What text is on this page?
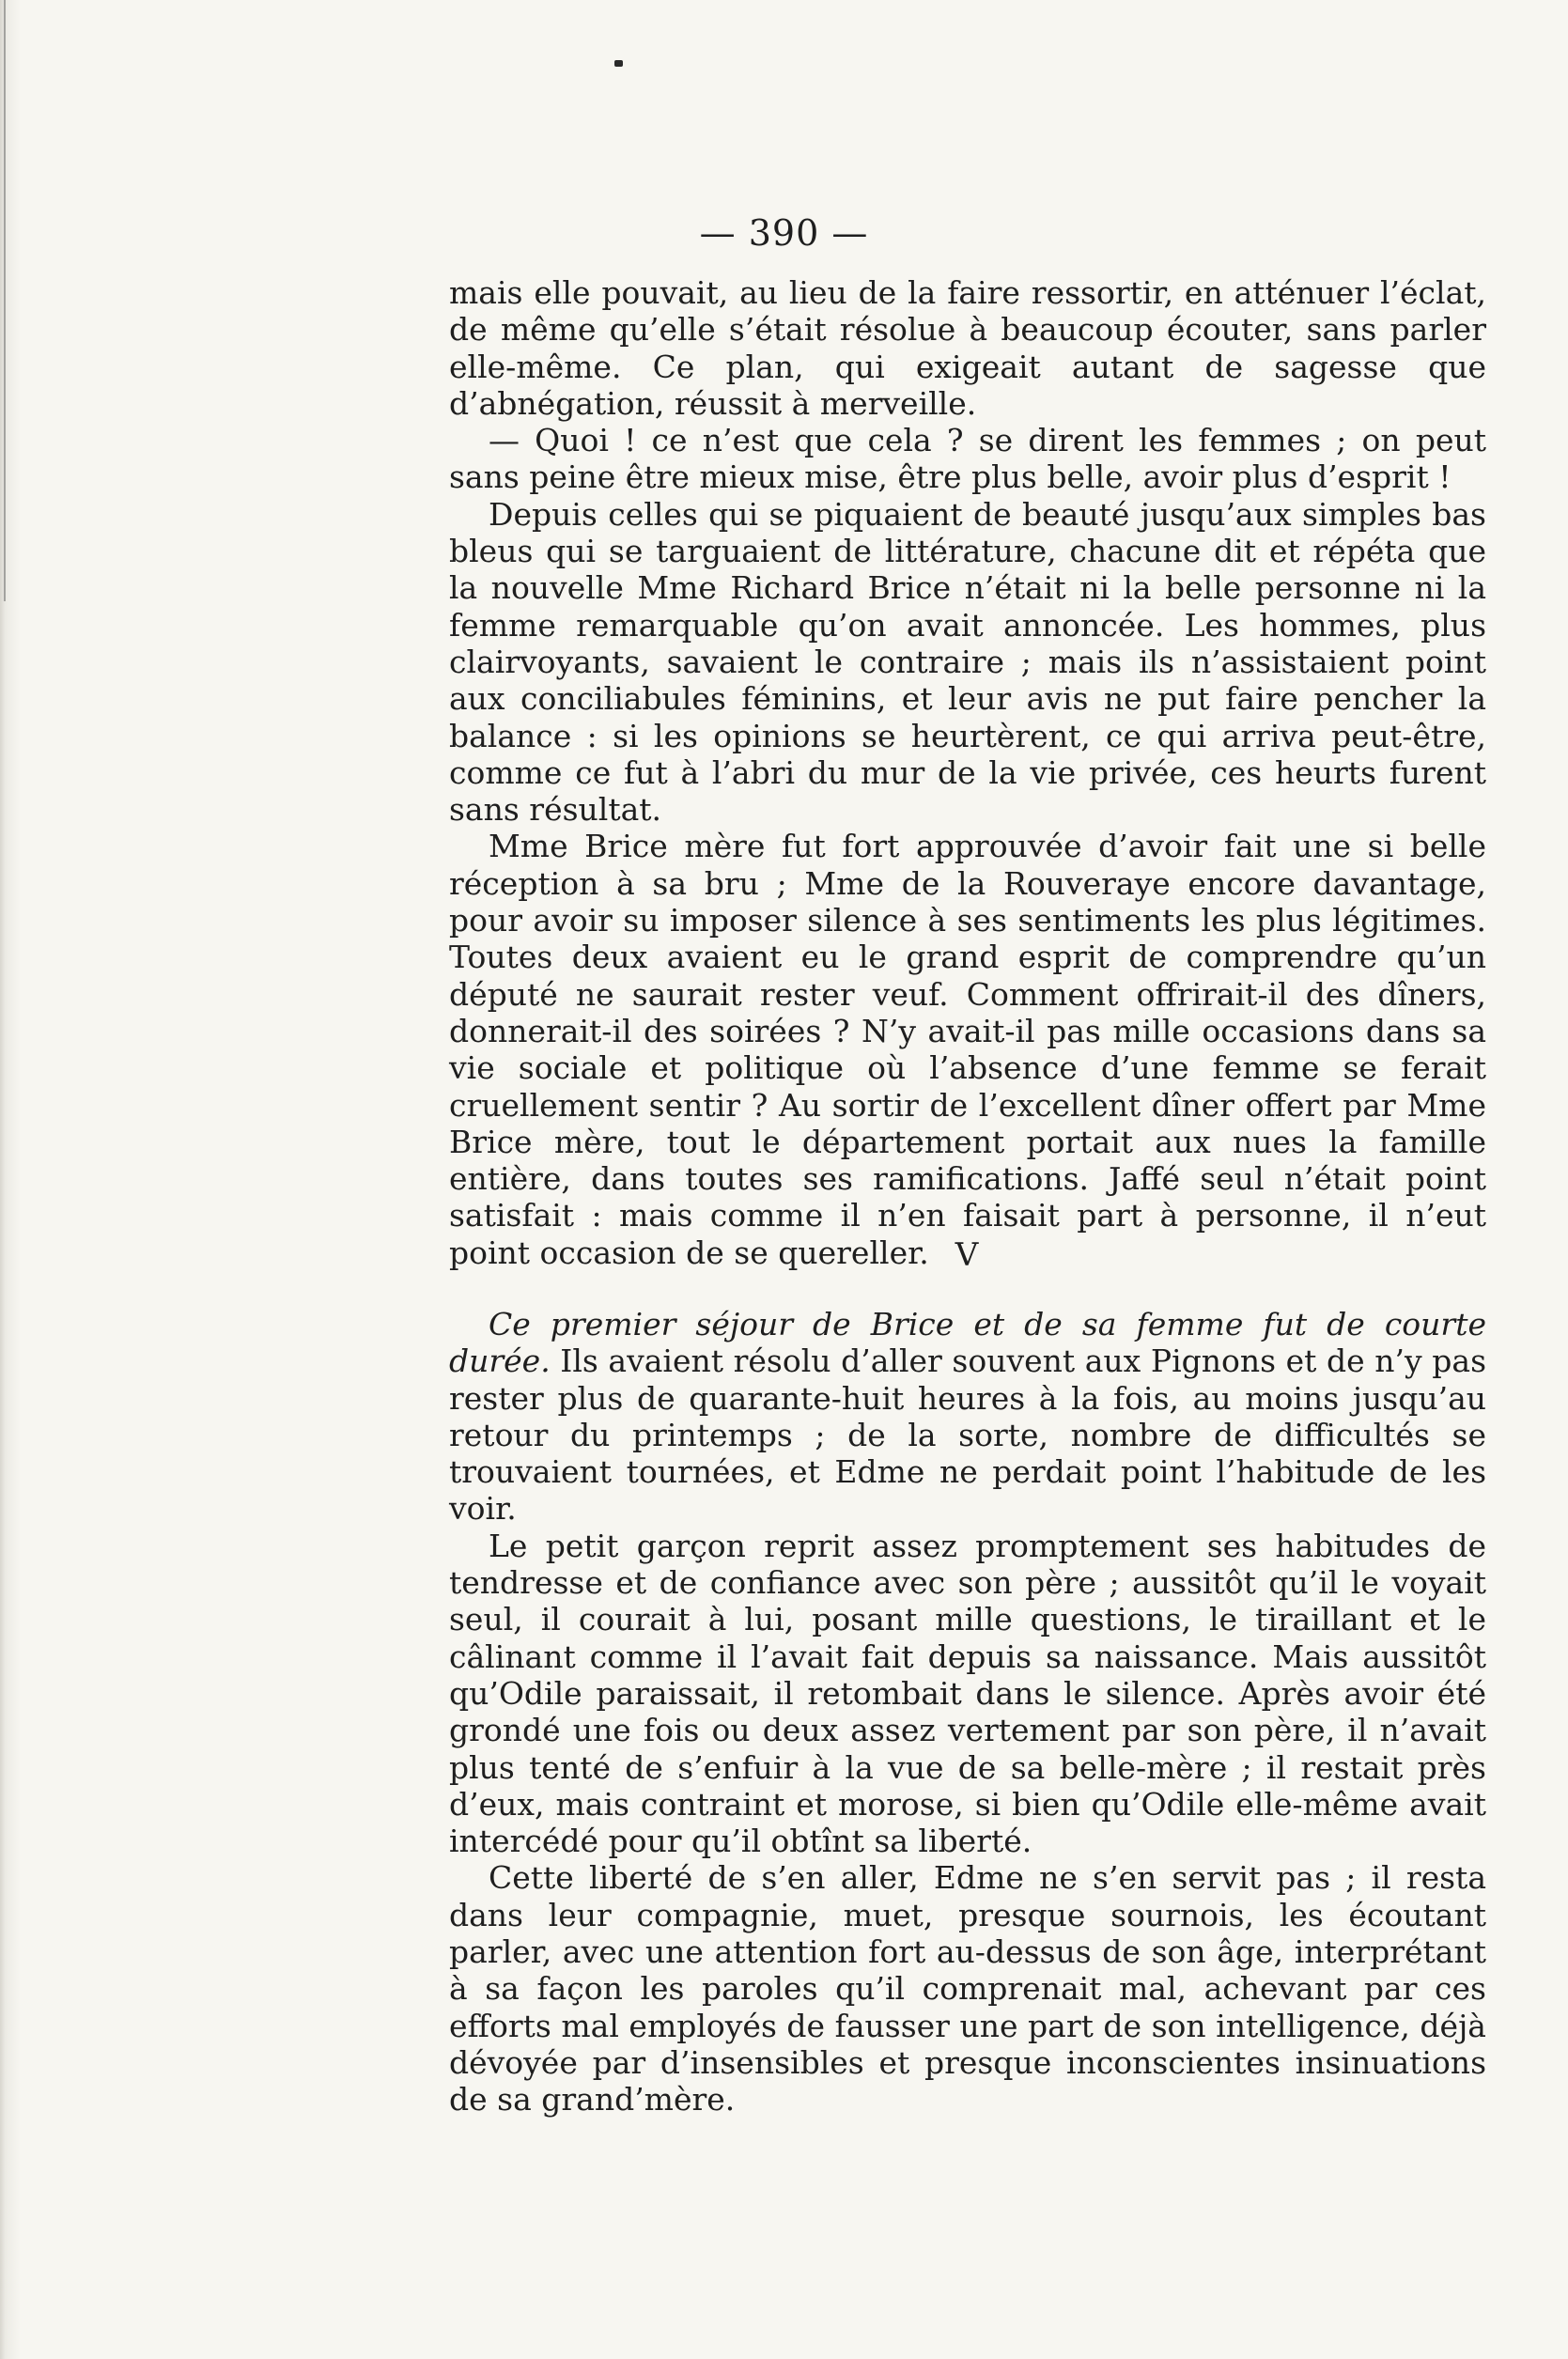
— 390 —

mais elle pouvait, au lieu de la faire ressortir, en atténuer l’éclat, de même qu’elle s’était résolue à beaucoup écouter, sans parler elle-même. Ce plan, qui exigeait autant de sagesse que d’abnégation, réussit à merveille.

— Quoi ! ce n’est que cela ? se dirent les femmes ; on peut sans peine être mieux mise, être plus belle, avoir plus d’esprit !

Depuis celles qui se piquaient de beauté jusqu’aux simples bas bleus qui se targuaient de littérature, chacune dit et répéta que la nouvelle Mme Richard Brice n’était ni la belle personne ni la femme remarquable qu’on avait annoncée. Les hommes, plus clairvoyants, savaient le contraire ; mais ils n’assistaient point aux conciliabules féminins, et leur avis ne put faire pencher la balance : si les opinions se heurtèrent, ce qui arriva peut-être, comme ce fut à l’abri du mur de la vie privée, ces heurts furent sans résultat.

Mme Brice mère fut fort approuvée d’avoir fait une si belle réception à sa bru ; Mme de la Rouveraye encore davantage, pour avoir su imposer silence à ses sentiments les plus légitimes. Toutes deux avaient eu le grand esprit de comprendre qu’un député ne saurait rester veuf. Comment offrirait-il des dîners, donnerait-il des soirées ? N’y avait-il pas mille occasions dans sa vie sociale et politique où l’absence d’une femme se ferait cruellement sentir ? Au sortir de l’excellent dîner offert par Mme Brice mère, tout le département portait aux nues la famille entière, dans toutes ses ramifications. Jaffé seul n’était point satisfait : mais comme il n’en faisait part à personne, il n’eut point occasion de se quereller. V

Ce premier séjour de Brice et de sa femme fut de courte durée. Ils avaient résolu d’aller souvent aux Pignons et de n’y pas rester plus de quarante-huit heures à la fois, au moins jusqu’au retour du printemps ; de la sorte, nombre de difficultés se trouvaient tournées, et Edme ne perdait point l’habitude de les voir.

Le petit garçon reprit assez promptement ses habitudes de tendresse et de confiance avec son père ; aussitôt qu’il le voyait seul, il courait à lui, posant mille questions, le tiraillant et le câlinant comme il l’avait fait depuis sa naissance. Mais aussitôt qu’Odile paraissait, il retombait dans le silence. Après avoir été grondé une fois ou deux assez vertement par son père, il n’avait plus tenté de s’enfuir à la vue de sa belle-mère ; il restait près d’eux, mais contraint et morose, si bien qu’Odile elle-même avait intercédé pour qu’il obtînt sa liberté.

Cette liberté de s’en aller, Edme ne s’en servit pas ; il resta dans leur compagnie, muet, presque sournois, les écoutant parler, avec une attention fort au-dessus de son âge, interprétant à sa façon les paroles qu’il comprenait mal, achevant par ces efforts mal employés de fausser une part de son intelligence, déjà dévoyée par d’insensibles et presque inconscientes insinuations de sa grand’mère.
